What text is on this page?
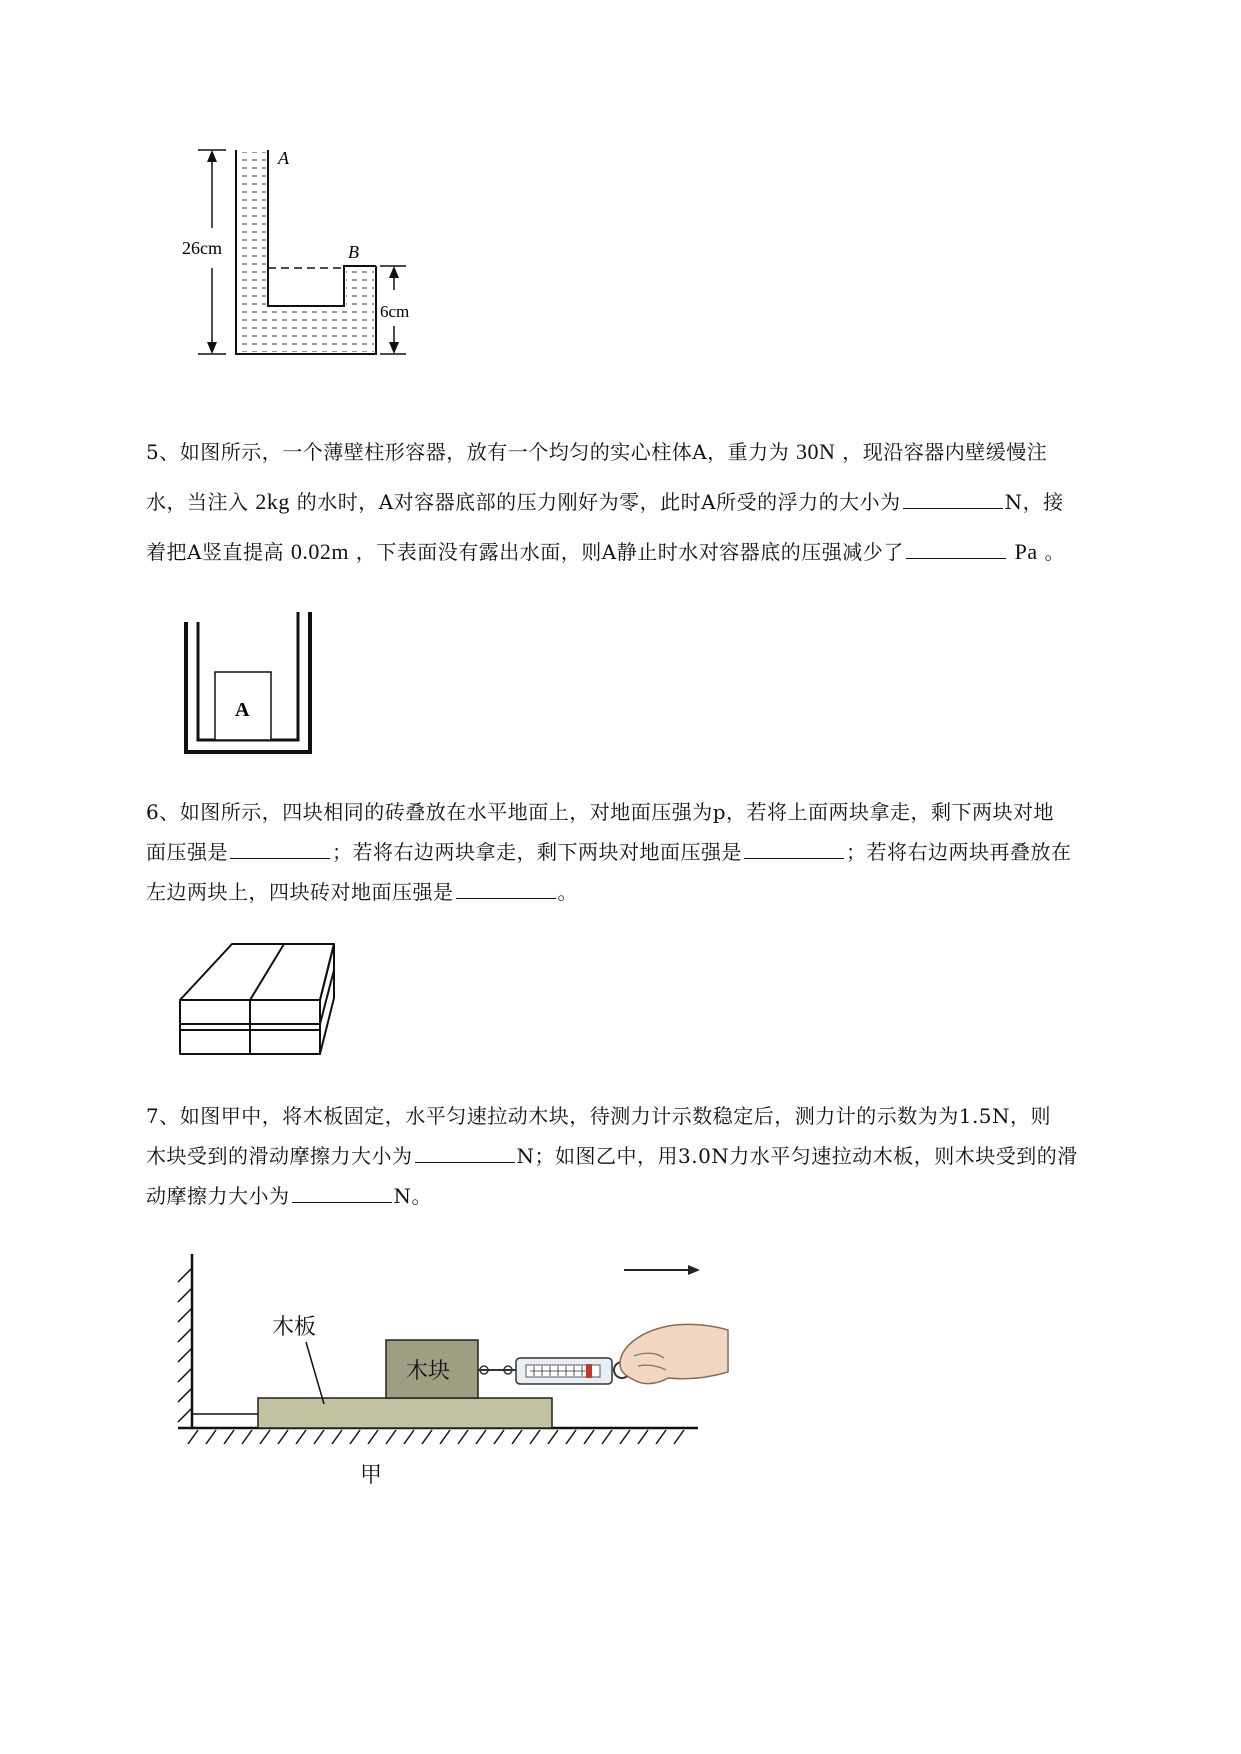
A
B
26cm
6cm
5、如图所示，一个薄壁柱形容器，放有一个均匀的实心柱体A，重力为 30N ，现沿容器内壁缓慢注
水，当注入 2kg 的水时，A对容器底部的压力刚好为零，此时A所受的浮力的大小为	N，接
着把A竖直提高 0.02m ，下表面没有露出水面，则A静止时水对容器底的压强减少了	Pa 。
A
6、如图所示，四块相同的砖叠放在水平地面上，对地面压强为p，若将上面两块拿走，剩下两块对地
面压强是	；若将右边两块拿走，剩下两块对地面压强是	；若将右边两块再叠放在
左边两块上，四块砖对地面压强是	。
7、如图甲中，将木板固定，水平匀速拉动木块，待测力计示数稳定后，测力计的示数为为1.5N，则
木块受到的滑动摩擦力大小为	N；如图乙中，用3.0N力水平匀速拉动木板，则木块受到的滑
动摩擦力大小为	N。
木块
木板
甲
